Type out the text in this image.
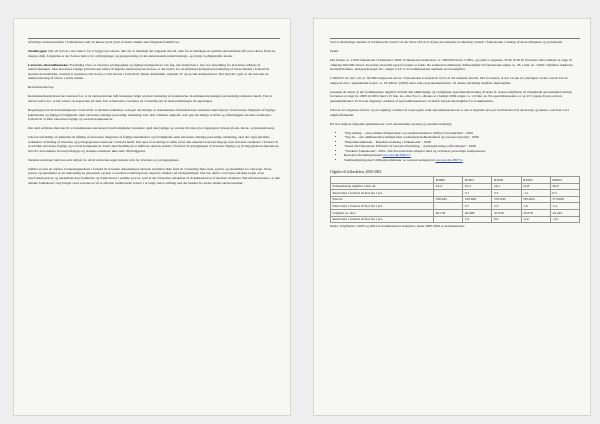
Afvarlige indsatsområder i folkeskolen som vil kunne nyde gavn af ekstra midler kan følgende fremhæves:

Skolebygget: Der vil fortsat være behov for at bygge nye skoler, dels for at imødegå det stigende elevtal, dels for at imødegå en optimal skolestruktur (få store skoler frem for mange små). Ligeledes er der fortsat behov for ombygninger og genopretning af den eksisterende undervisnings- og øvrige vedligeholdte skoler.

Lærernes efteruddannelse: Forskning viser, at lærernes pædagogiske og faglige kompetencer i de fag, der underviser i, har stor betydning for elevernes udbytte af undervisningen. Skal elevernes faglige præstationer løftes til højeste internationale niveau, er der behov for en målrettet kompetenceudvikling af lærerstanden i forhold til skolens kernområder, navnlig at garantere alle dover et vist niveau i forhold til dansk, matematik, engelsk, IT og sociale kompetencer. Det betyder også, at der kan ske en nødprioritering af lærere i andre emner.

Resultatvurdering

Kommunalbestyrelsen har ansvaret for, at de skolepolitiske mål følesende følge op med vurdering af resultaterne. Kommunerne mangler anvendelig redskaber hertil. Der er derfor behov for, at KL sætter an dagsorden på dette felt. Alternativt overlades en væsentlig del af skoleudviklingen til regeringen.

Regeringen har bedt kommunerne i forhold til at udvikle redskaber, som gør det muligt, at dokumentere folkeskolernes resultater med henvys til elevernes tilegnede af faglige kundskaber og faglige færdigheder samt elevernes alsidige personlige udvikling. Der skal udvikles nøgletal, som gør det muligt at måle og offentliggøre skolens resultater i forhold til at løfte elevernes faglige og sociale kompetencer.

Der skal udvikles metoder til at dokumentere elevernes læsefærdigheder, herunder også den faglige og sociale tilvækst på et aggregeret niveau (f.eks. skole- og klasseniveau).

Udover udvikling af redskaber til måling af elevernes tilegnelse af faglige kundskaber og færdigheder samt elevernes alsidige personlige udvikling, skal der også udvikles redskaber til måling af lærernes og pædagogernes resultater i forhold hertil. Der skal være muligt at måle såvel den enkelte lærers/pædagogs som lærerens resultater i forhold til at udvikle elevernes faglige og sociale kompetencer. Dette med henblik på at målrette skolens indsats i forhold til opbygningen af lærernes faglige og pædagogiske kompetencer, hvorfor den enkelte lærers/pædagogs og teamets resultater ikke skal offentliggøres.

Skolens resultater skal ses som udtryk for såvel elevernes egen indsats som for lærernes og pædagogernes.

Samlet set har en styrket evalueringsindsats i forhold til at kunne dokumentere skolens resultater ikke først til væsentligt flere tests, prøver og eksaminer for eleverne. Tests, prøver og eksaminer er en nødvendig en garanteret og kun i overdrevet omfang have negative effekter på læringsmiljøet. Det bør derfor overvejes om ikke nogle af de nuværende prøver og eksaminer kan formindre og relativiseres i samme proces, som at der forbedres redskaber til dokumentation af skolens resultater. Det må konstateres, at den danske folkeskole i dag bruger store ressourcer på at afholde traditionelle prøver i et langt større omfang end det kendes fra andre landes skolesystemer.

Ved at modbringe antallet af traditionelle prøver vil der blive råd til at styrke den løbende evaluering i kultur i folkeskolen i retning af mere dirlighed og systematik.

Fakta

Der findes ca. 1.600 folkeskoler i Danmark i 2003. Folkeskolen underviser ca. 566.000 elever i 2005, og tallet er stigende. Frem til 2010 forventes tallet således at stige til omkring 620.000 elever, hvorefter elevtallet igen forventes at falde. De samlede kommunale driftsudgifter til folkeskolen udgør ca. 26,1 mia. kr. i 2002. Omfatter inklusive skolebiblioteker, skolepsykologer mv., udgør 2,3,6 % af kommunernes samlede serviceudgifter.

I 2002/03 var der i alt ca. 56.000 temperede elever i folkeskolen svarende til 9,5% af det samlede elevtal. Det forventes, at der vil ske en yderligere vækst i antal. Da en temperet elev i gennemsnit koster ca. 18.400 kr. (2002) mere end en gennemsnitselev, vil denne udvikling medføre merudgifter.

Gennem de sidste år har kommunerne udgiftet til både den almindelige og vidtgående specialundervisning til neste år. Alene udgifterne til vidtgående specialundervisning forventes at stige fra 2003 til 2004 med 115 mio. kr., eller 6 pct., således at i budget 2004 udgør ca. 1,9 mia. kr. En specialklasseelev er op til 5 gange dyrere end en gennemsnitselev. Et fortsat stigning i andelen af specialklasseelever vil derfor betyde merudgifter for kommunerne.

Udover det stigende elevtal, og en stigning i andelet af tosprogede samt specialklasseelever er der et stigende pres på forældrenes frie skolevalg og henter, som kan være udgiftsfremende.

KL har udgivet følgende publikationer vedr. økonomiske styring og resultatvurdering:

• "Tag stilling – om politiske målepladser i en resultatorienteret 1999 på læreområdet". 1999
• "Tag fat – om administrative målepladser vedrørende helhedsafskaf og ressourcestyring". 1999
• "Mutedekommende – Resultatvurdering i folkeskolen". 1998
• "Kend din folkeskole: Effektivt af ressourcefordeling – styringsmæssige udfordringer". 1998
• "Vurderet folkeskolen". 2001. Om livordan man arbejder med og evaluerer personlige kompetencer.
• Ressourcefordelingsmodel www.kl.dk/289211/
• Sammenligning med vilflingskommuner, se ressourceudspen på www.kl.dk/289751
Udgifter til folkeskolen, 2000-2004
	R2000	R2001	R2002	R2003	B2004
Folkeskolens udgifter i mia. kr.	24,4	25,3	26,1	25,8	26,0
Realvækst i forhold til året før i pct.		3,7	3,3	-1,1	0,5
Elevtal	528.945	543.064	555.630	565.824	573.906
Elevvækst i forhold til året før i pct.		2,7	2,3	1,8	1,4
Udgifter pr. elev	46.159	46.606	47.040	45.679	45.244
Realvækst i forhold til året før i pct.		1,0	0,9	-2,9	-1,0
Kilde: Udgifterne i 2003 og 2004 er kommunernes budgetter, mens 2000-2002 er kommunernes
